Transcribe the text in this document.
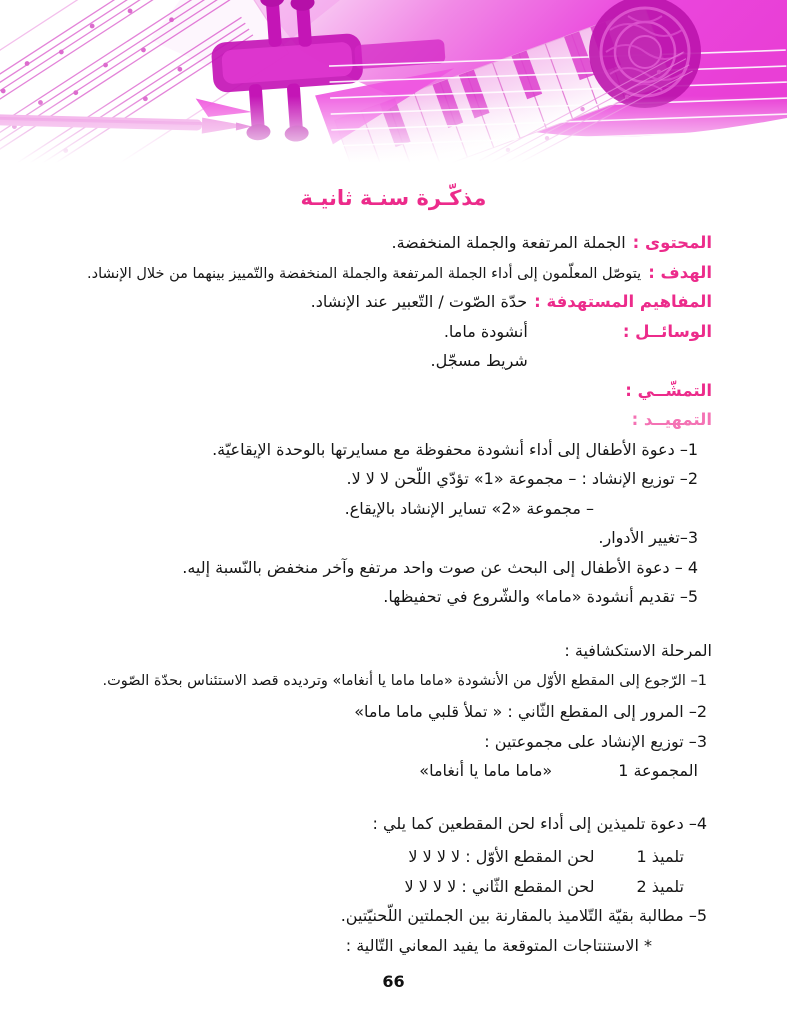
مذكّـرة سنـة ثانيـة
المحتوى :الجملة المرتفعة والجملة المنخفضة.
الهدف :يتوصّل المعلّمون إلى أداء الجملة المرتفعة والجملة المنخفضة والتّمييز بينهما من خلال الإنشاد.
المفاهيم المستهدفة :حدّة الصّوت / التّعبير عند الإنشاد.
الوسائــل :
أنشودة ماما.
شريط مسجّل.
التمشّــي :
التمهيــد :
1– دعوة الأطفال إلى أداء أنشودة محفوظة مع مسايرتها بالوحدة الإيقاعيّة.
2– توزيع الإنشاد : – مجموعة «1» تؤدّي اللّحن لا لا لا.
– مجموعة «2» تساير الإنشاد بالإيقاع.
3–تغيير الأدوار.
4 – دعوة الأطفال إلى البحث عن صوت واحد مرتفع وآخر منخفض بالنّسبة إليه.
5– تقديم أنشودة «ماما» والشّروع في تحفيظها.
المرحلة الاستكشافية :
1– الرّجوع إلى المقطع الأوّل من الأنشودة «ماما ماما يا أنغاما» وترديده قصد الاستئناس بحدّة الصّوت.
2– المرور إلى المقطع الثّاني : « تملأ قلبي ماما ماما»
3– توزيع الإنشاد على مجموعتين :
المجموعة 1
«ماما ماما يا أنغاما»
4– دعوة تلميذين إلى أداء لحن المقطعين كما يلي :
تلميذ 1
لحن المقطع الأوّل : لا لا لا لا
تلميذ 2
لحن المقطع الثّاني : لا لا لا لا
5– مطالبة بقيّة التّلاميذ بالمقارنة بين الجملتين اللّحنيّتين.
* الاستنتاجات المتوقعة ما يفيد المعاني التّالية :
66
